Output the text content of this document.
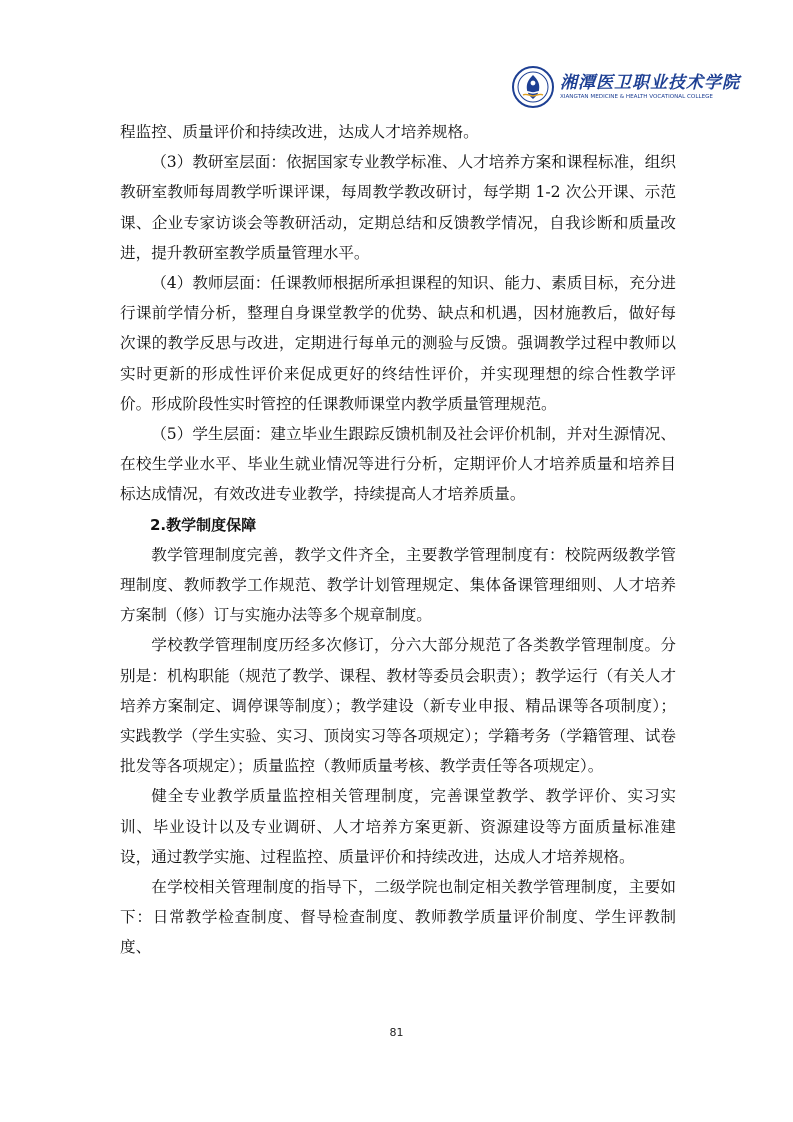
湘潭医卫职业技术学院
XIANGTAN MEDICINE & HEALTH VOCATIONAL COLLEGE

程监控、质量评价和持续改进，达成人才培养规格。

（3）教研室层面：依据国家专业教学标准、人才培养方案和课程标准，组织教研室教师每周教学听课评课，每周教学教改研讨，每学期 1-2 次公开课、示范课、企业专家访谈会等教研活动，定期总结和反馈教学情况，自我诊断和质量改进，提升教研室教学质量管理水平。

（4）教师层面：任课教师根据所承担课程的知识、能力、素质目标，充分进行课前学情分析，整理自身课堂教学的优势、缺点和机遇，因材施教后，做好每次课的教学反思与改进，定期进行每单元的测验与反馈。强调教学过程中教师以实时更新的形成性评价来促成更好的终结性评价，并实现理想的综合性教学评价。形成阶段性实时管控的任课教师课堂内教学质量管理规范。

（5）学生层面：建立毕业生跟踪反馈机制及社会评价机制，并对生源情况、在校生学业水平、毕业生就业情况等进行分析，定期评价人才培养质量和培养目标达成情况，有效改进专业教学，持续提高人才培养质量。

2.教学制度保障

教学管理制度完善，教学文件齐全，主要教学管理制度有：校院两级教学管理制度、教师教学工作规范、教学计划管理规定、集体备课管理细则、人才培养方案制（修）订与实施办法等多个规章制度。

学校教学管理制度历经多次修订，分六大部分规范了各类教学管理制度。分别是：机构职能（规范了教学、课程、教材等委员会职责）；教学运行（有关人才培养方案制定、调停课等制度）；教学建设（新专业申报、精品课等各项制度）；实践教学（学生实验、实习、顶岗实习等各项规定）；学籍考务（学籍管理、试卷批发等各项规定）；质量监控（教师质量考核、教学责任等各项规定）。

健全专业教学质量监控相关管理制度，完善课堂教学、教学评价、实习实训、毕业设计以及专业调研、人才培养方案更新、资源建设等方面质量标准建设，通过教学实施、过程监控、质量评价和持续改进，达成人才培养规格。

在学校相关管理制度的指导下，二级学院也制定相关教学管理制度，主要如下：日常教学检查制度、督导检查制度、教师教学质量评价制度、学生评教制度、

81
